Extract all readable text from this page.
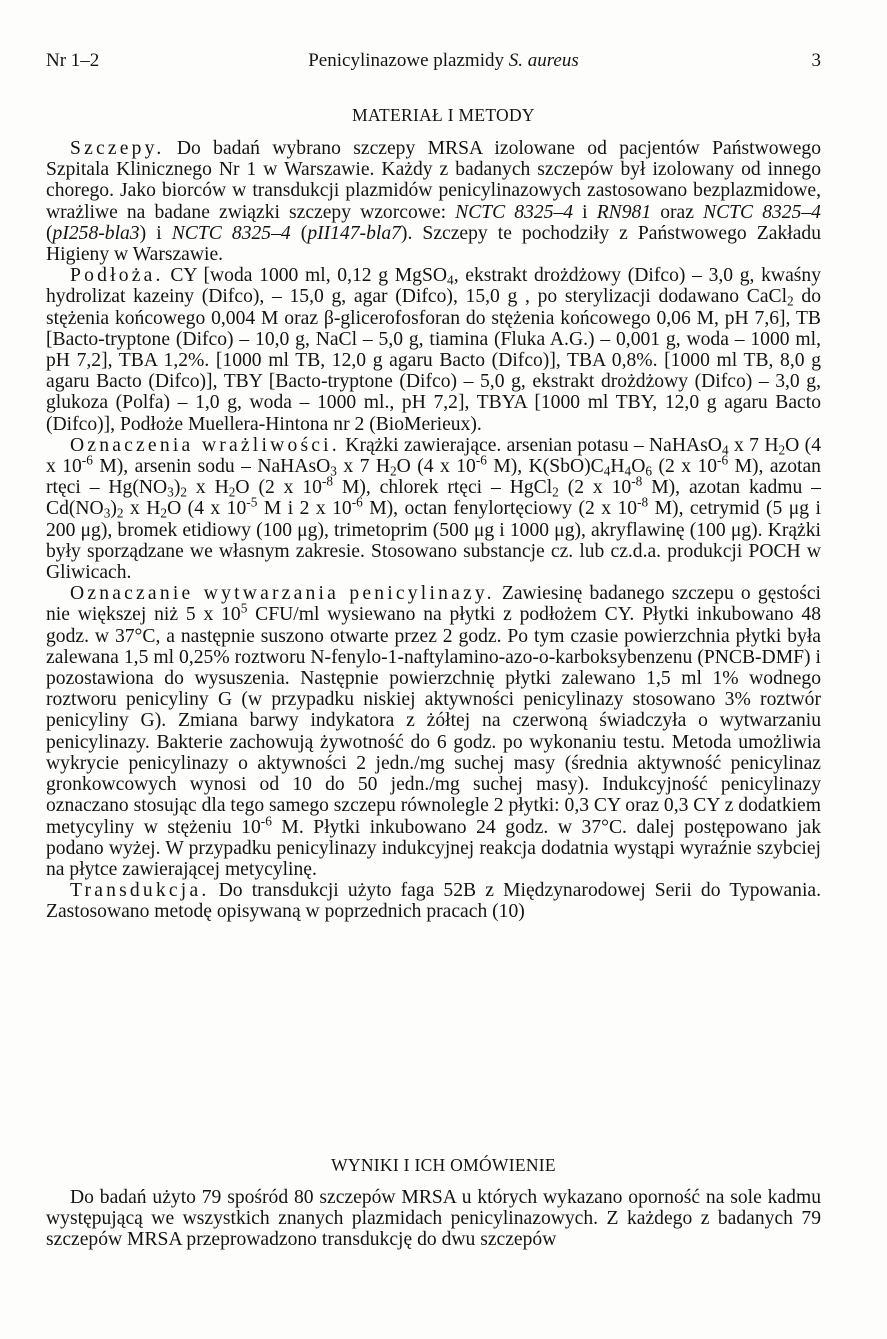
Nr 1–2	Penicylinazowe plazmidy S. aureus	3
MATERIAŁ I METODY

Szczepy. Do badań wybrano szczepy MRSA izolowane od pacjentów Państwowego Szpitala Klinicznego Nr 1 w Warszawie. Każdy z badanych szczepów był izolowany od innego chorego. Jako biorców w transdukcji plazmidów penicylinazowych zastosowano bezplazmidowe, wrażliwe na badane związki szczepy wzorcowe: NCTC 8325–4 i RN981 oraz NCTC 8325–4 (pI258-bla3) i NCTC 8325–4 (pII147-bla7). Szczepy te pochodziły z Państwowego Zakładu Higieny w Warszawie.

Podłoża. CY [woda 1000 ml, 0,12 g MgSO$_4$, ekstrakt drożdżowy (Difco) – 3,0 g, kwaśny hydrolizat kazeiny (Difco), – 15,0 g, agar (Difco), 15,0 g , po sterylizacji dodawano CaCl$_2$ do stężenia końcowego 0,004 M oraz β-glicerofosforan do stężenia końcowego 0,06 M, pH 7,6], TB [Bacto-tryptone (Difco) – 10,0 g, NaCl – 5,0 g, tiamina (Fluka A.G.) – 0,001 g, woda – 1000 ml, pH 7,2], TBA 1,2%. [1000 ml TB, 12,0 g agaru Bacto (Difco)], TBA 0,8%. [1000 ml TB, 8,0 g agaru Bacto (Difco)], TBY [Bacto-tryptone (Difco) – 5,0 g, ekstrakt drożdżowy (Difco) – 3,0 g, glukoza (Polfa) – 1,0 g, woda – 1000 ml., pH 7,2], TBYA [1000 ml TBY, 12,0 g agaru Bacto (Difco)], Podłoże Muellera-Hintona nr 2 (BioMerieux).

Oznaczenia wrażliwości. Krążki zawierające. arsenian potasu – NaHAsO$_4$ x 7 $H_2O$ (4 x $10^{-6}$ M), arsenin sodu – NaHAsO$_3$ x 7 $H_2O$ (4 x $10^{-6}$ M), $K(SbO)C_4H_4O_6$ (2 x $10^{-6}$ M), azotan rtęci – $Hg(NO_3)_2$ x $H_2O$ (2 x $10^{-8}$ M), chlorek rtęci – HgCl$_2$ (2 x $10^{-8}$ M), azotan kadmu – $Cd(NO_3)_2$ x $H_2O$ (4 x $10^{-5}$ M i 2 x $10^{-6}$ M), octan fenylortęciowy (2 x $10^{-8}$ M), cetrymid (5 μg i 200 μg), bromek etidiowy (100 μg), trimetoprim (500 μg i 1000 μg), akryflawinę (100 μg). Krążki były sporządzane we własnym zakresie. Stosowano substancje cz. lub cz.d.a. produkcji POCH w Gliwicach.

Oznaczanie wytwarzania penicylinazy. Zawiesinę badanego szczepu o gęstości nie większej niż 5 x $10^5$ CFU/ml wysiewano na płytki z podłożem CY. Płytki inkubowano 48 godz. w 37°C, a następnie suszono otwarte przez 2 godz. Po tym czasie powierzchnia płytki była zalewana 1,5 ml 0,25% roztworu N-fenylo-1-naftylamino-azo-o-karboksybenzenu (PNCB-DMF) i pozostawiona do wysuszenia. Następnie powierzchnię płytki zalewano 1,5 ml 1% wodnego roztworu penicyliny G (w przypadku niskiej aktywności penicylinazy stosowano 3% roztwór penicyliny G). Zmiana barwy indykatora z żółtej na czerwoną świadczyła o wytwarzaniu penicylinazy. Bakterie zachowują żywotność do 6 godz. po wykonaniu testu. Metoda umożliwia wykrycie penicylinazy o aktywności 2 jedn./mg suchej masy (średnia aktywność penicylinaz gronkowcowych wynosi od 10 do 50 jedn./mg suchej masy). Indukcyjność penicylinazy oznaczano stosując dla tego samego szczepu równolegle 2 płytki: 0,3 CY oraz 0,3 CY z dodatkiem metycyliny w stężeniu $10^{-6}$ M. Płytki inkubowano 24 godz. w 37°C. dalej postępowano jak podano wyżej. W przypadku penicylinazy indukcyjnej reakcja dodatnia wystąpi wyraźnie szybciej na płytce zawierającej metycylinę.

Transdukcja. Do transdukcji użyto faga 52B z Międzynarodowej Serii do Typowania. Zastosowano metodę opisywaną w poprzednich pracach (10)

WYNIKI I ICH OMÓWIENIE

Do badań użyto 79 spośród 80 szczepów MRSA u których wykazano oporność na sole kadmu występującą we wszystkich znanych plazmidach penicylinazowych. Z każdego z badanych 79 szczepów MRSA przeprowadzono transdukcję do dwu szczepów
